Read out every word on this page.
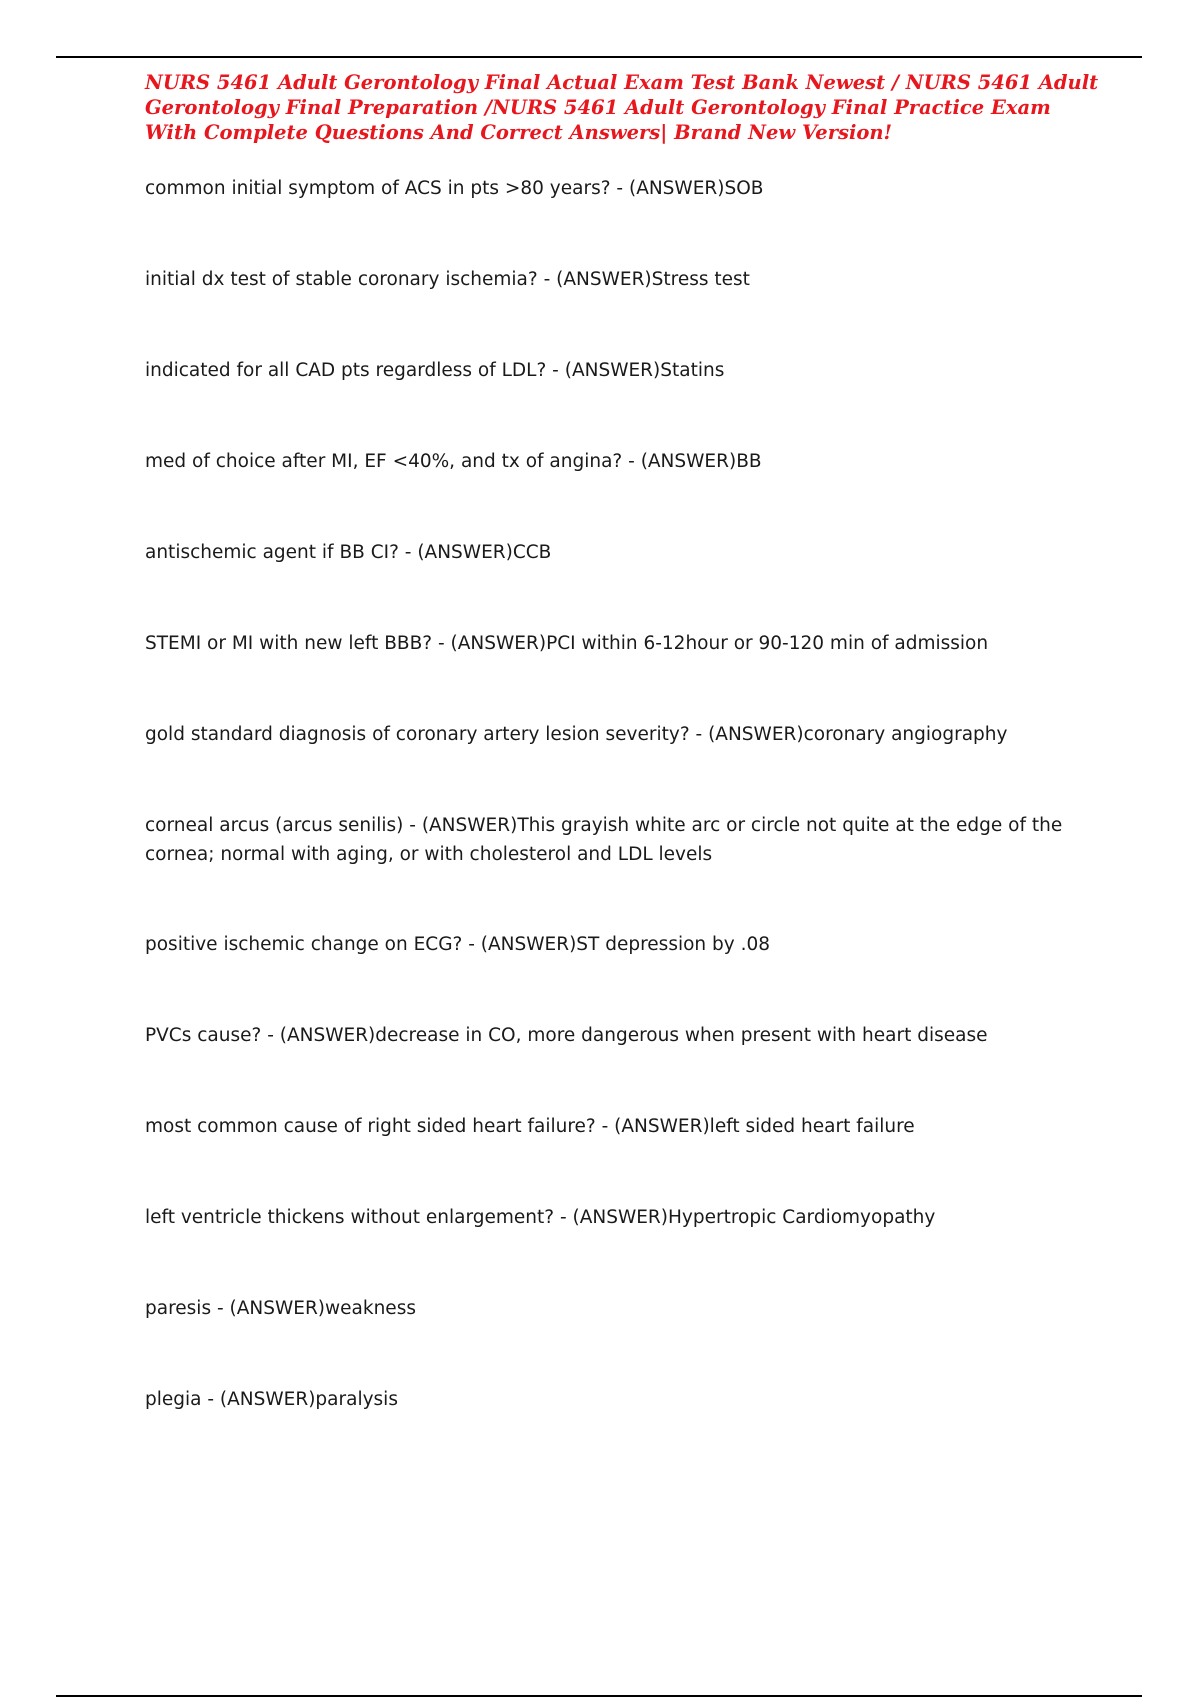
NURS 5461 Adult Gerontology Final Actual Exam Test Bank Newest / NURS 5461 Adult Gerontology Final Preparation /NURS 5461 Adult Gerontology Final Practice Exam With Complete Questions And Correct Answers| Brand New Version!
common initial symptom of ACS in pts >80 years? - (ANSWER)SOB
initial dx test of stable coronary ischemia? - (ANSWER)Stress test
indicated for all CAD pts regardless of LDL? - (ANSWER)Statins
med of choice after MI, EF <40%, and tx of angina? - (ANSWER)BB
antischemic agent if BB CI? - (ANSWER)CCB
STEMI or MI with new left BBB? - (ANSWER)PCI within 6-12hour or 90-120 min of admission
gold standard diagnosis of coronary artery lesion severity? - (ANSWER)coronary angiography
corneal arcus (arcus senilis) - (ANSWER)This grayish white arc or circle not quite at the edge of the cornea; normal with aging, or with cholesterol and LDL levels
positive ischemic change on ECG? - (ANSWER)ST depression by .08
PVCs cause? - (ANSWER)decrease in CO, more dangerous when present with heart disease
most common cause of right sided heart failure? - (ANSWER)left sided heart failure
left ventricle thickens without enlargement? - (ANSWER)Hypertropic Cardiomyopathy
paresis - (ANSWER)weakness
plegia - (ANSWER)paralysis
